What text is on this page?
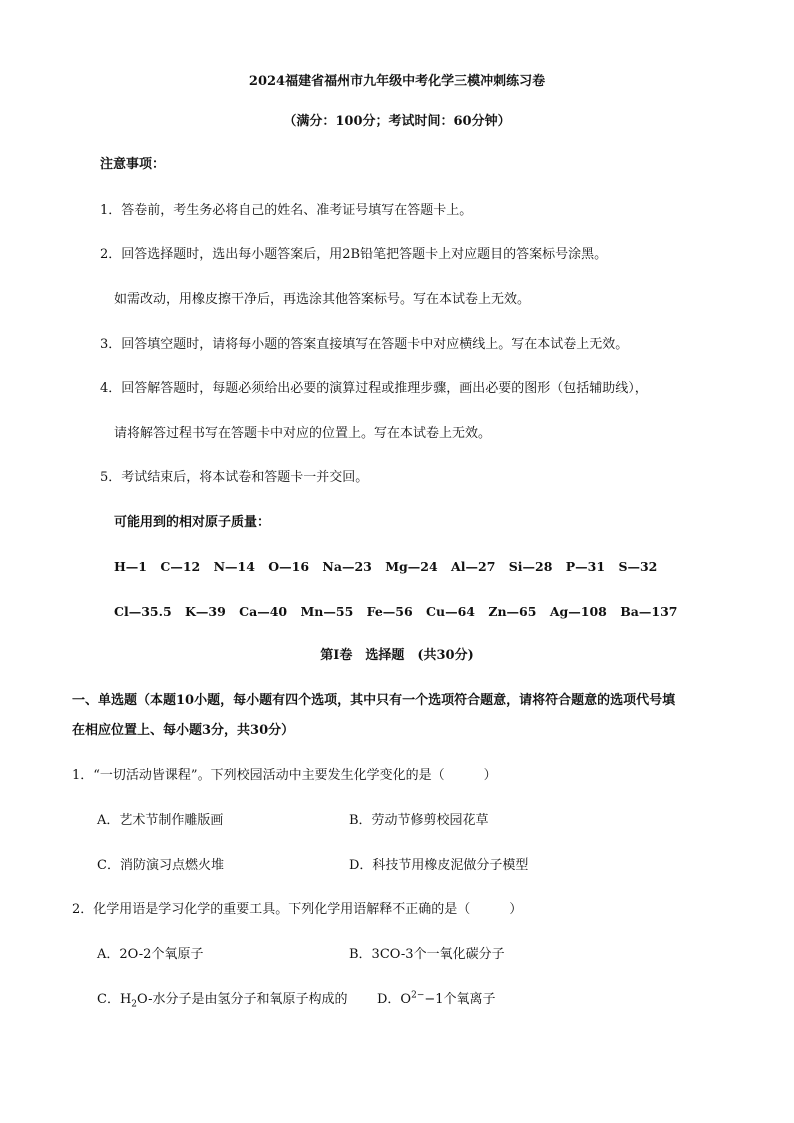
2024福建省福州市九年级中考化学三模冲刺练习卷
（满分：100分；考试时间：60分钟）
注意事项：
1．答卷前，考生务必将自己的姓名、准考证号填写在答题卡上。
2．回答选择题时，选出每小题答案后，用2B铅笔把答题卡上对应题目的答案标号涂黑。
如需改动，用橡皮擦干净后，再选涂其他答案标号。写在本试卷上无效。
3．回答填空题时，请将每小题的答案直接填写在答题卡中对应横线上。写在本试卷上无效。
4．回答解答题时，每题必须给出必要的演算过程或推理步骤，画出必要的图形（包括辅助线），
请将解答过程书写在答题卡中对应的位置上。写在本试卷上无效。
5．考试结束后，将本试卷和答题卡一并交回。
可能用到的相对原子质量：
H—1 C—12 N—14 O—16 Na—23 Mg—24 Al—27 Si—28 P—31 S—32
Cl—35.5 K—39 Ca—40 Mn—55 Fe—56 Cu—64 Zn—65 Ag—108 Ba—137
第Ⅰ卷　选择题　(共30分)
一、单选题（本题10小题，每小题有四个选项，其中只有一个选项符合题意，请将符合题意的选项代号填
在相应位置上、每小题3分，共30分）
1．“一切活动皆课程”。下列校园活动中主要发生化学变化的是（　　　）
A．艺术节制作雕版画	B．劳动节修剪校园花草
C．消防演习点燃火堆	D．科技节用橡皮泥做分子模型
2．化学用语是学习化学的重要工具。下列化学用语解释不正确的是（　　　）
A．2O-2个氧原子	B．3CO-3个一氧化碳分子
C．$H_2O-$水分子是由氢分子和氧原子构成的 D．$O^{2-}-1$个氧离子
